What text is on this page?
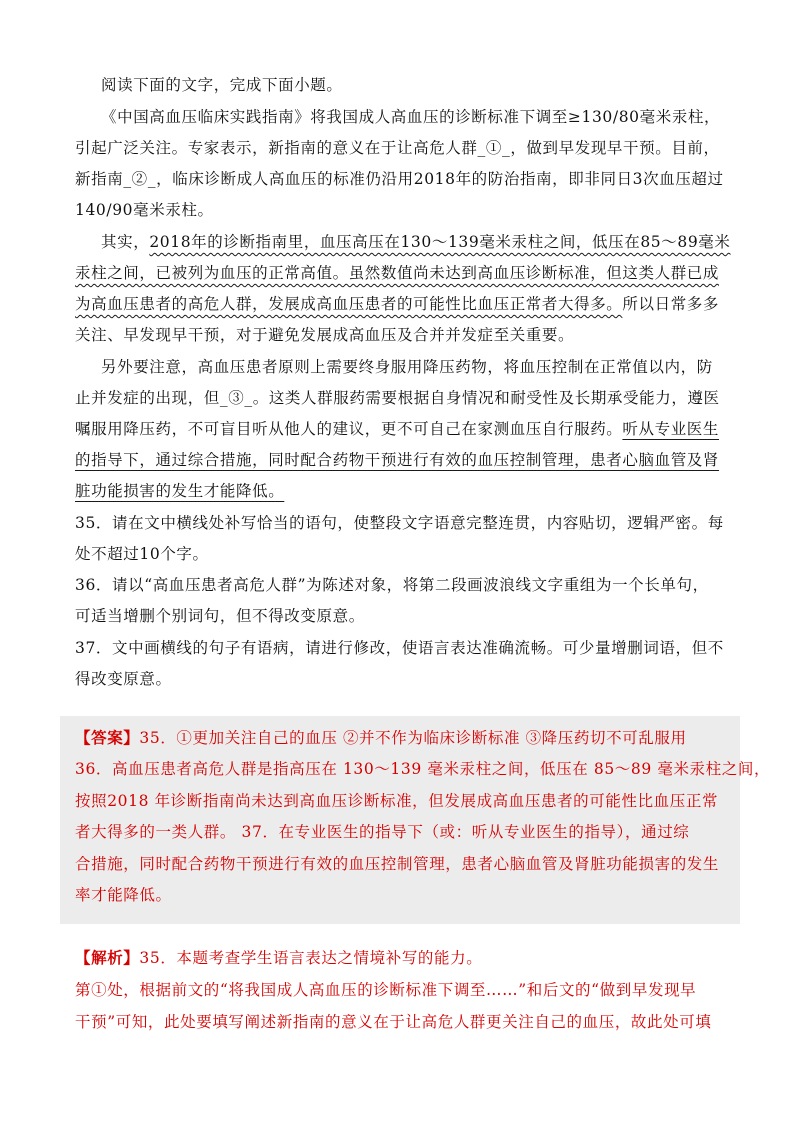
阅读下面的文字，完成下面小题。
《中国高血压临床实践指南》将我国成人高血压的诊断标准下调至≥130/80毫米汞柱，
引起广泛关注。专家表示，新指南的意义在于让高危人群_①_，做到早发现早干预。目前，
新指南_②_，临床诊断成人高血压的标准仍沿用2018年的防治指南，即非同日3次血压超过
140/90毫米汞柱。
其实，2018年的诊断指南里，血压高压在130～139毫米汞柱之间，低压在85～89毫米
汞柱之间，已被列为血压的正常高值。虽然数值尚未达到高血压诊断标准，但这类人群已成
为高血压患者的高危人群，发展成高血压患者的可能性比血压正常者大得多。所以日常多多
关注、早发现早干预，对于避免发展成高血压及合并并发症至关重要。
另外要注意，高血压患者原则上需要终身服用降压药物，将血压控制在正常值以内，防
止并发症的出现，但_③_。这类人群服药需要根据自身情况和耐受性及长期承受能力，遵医
嘱服用降压药，不可盲目听从他人的建议，更不可自己在家测血压自行服药。听从专业医生
的指导下，通过综合措施，同时配合药物干预进行有效的血压控制管理，患者心脑血管及肾
脏功能损害的发生才能降低。
35．请在文中横线处补写恰当的语句，使整段文字语意完整连贯，内容贴切，逻辑严密。每
处不超过10个字。
36．请以“高血压患者高危人群”为陈述对象，将第二段画波浪线文字重组为一个长单句，
可适当增删个别词句，但不得改变原意。
37．文中画横线的句子有语病，请进行修改，使语言表达准确流畅。可少量增删词语，但不
得改变原意。
【答案】35．①更加关注自己的血压 ②并不作为临床诊断标准 ③降压药切不可乱服用
36．高血压患者高危人群是指高压在 130～139 毫米汞柱之间，低压在 85～89 毫米汞柱之间，
按照2018 年诊断指南尚未达到高血压诊断标准，但发展成高血压患者的可能性比血压正常
者大得多的一类人群。 37．在专业医生的指导下（或：听从专业医生的指导），通过综
合措施，同时配合药物干预进行有效的血压控制管理，患者心脑血管及肾脏功能损害的发生
率才能降低。
【解析】35．本题考查学生语言表达之情境补写的能力。
第①处，根据前文的“将我国成人高血压的诊断标准下调至……”和后文的“做到早发现早
干预”可知，此处要填写阐述新指南的意义在于让高危人群更关注自己的血压，故此处可填
